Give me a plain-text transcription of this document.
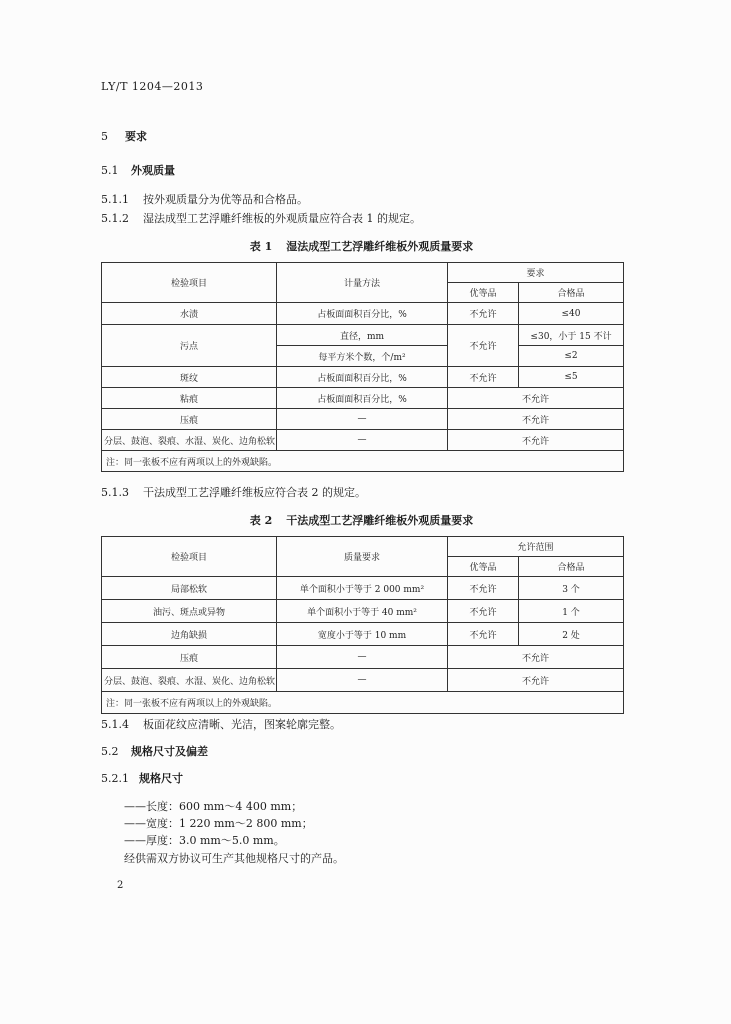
LY/T 1204—2013
5 要求
5.1 外观质量
5.1.1 按外观质量分为优等品和合格品。
5.1.2 湿法成型工艺浮雕纤维板的外观质量应符合表 1 的规定。
表 1 湿法成型工艺浮雕纤维板外观质量要求
检验项目	计量方法	要求	
		优等品	合格品
水渍	占板面面积百分比，%	不允许	≤40
污点	直径，mm	不允许	≤30，小于 15 不计
	每平方米个数，个/m²		≤2
斑纹	占板面面积百分比，%	不允许	≤5
粘痕	占板面面积百分比，%	不允许	
压痕	—	不允许	
分层、鼓泡、裂痕、水湿、炭化、边角松软	—	不允许	
注：同一张板不应有两项以上的外观缺陷。			
5.1.3 干法成型工艺浮雕纤维板应符合表 2 的规定。
表 2 干法成型工艺浮雕纤维板外观质量要求
检验项目	质量要求	允许范围	
		优等品	合格品
局部松软	单个面积小于等于 2 000 mm²	不允许	3 个
油污、斑点或异物	单个面积小于等于 40 mm²	不允许	1 个
边角缺损	宽度小于等于 10 mm	不允许	2 处
压痕	—	不允许	
分层、鼓泡、裂痕、水湿、炭化、边角松软	—	不允许	
注：同一张板不应有两项以上的外观缺陷。			
5.1.4 板面花纹应清晰、光洁，图案轮廓完整。
5.2 规格尺寸及偏差
5.2.1 规格尺寸
——长度：600 mm～4 400 mm；
——宽度：1 220 mm～2 800 mm；
——厚度：3.0 mm～5.0 mm。
经供需双方协议可生产其他规格尺寸的产品。
2
